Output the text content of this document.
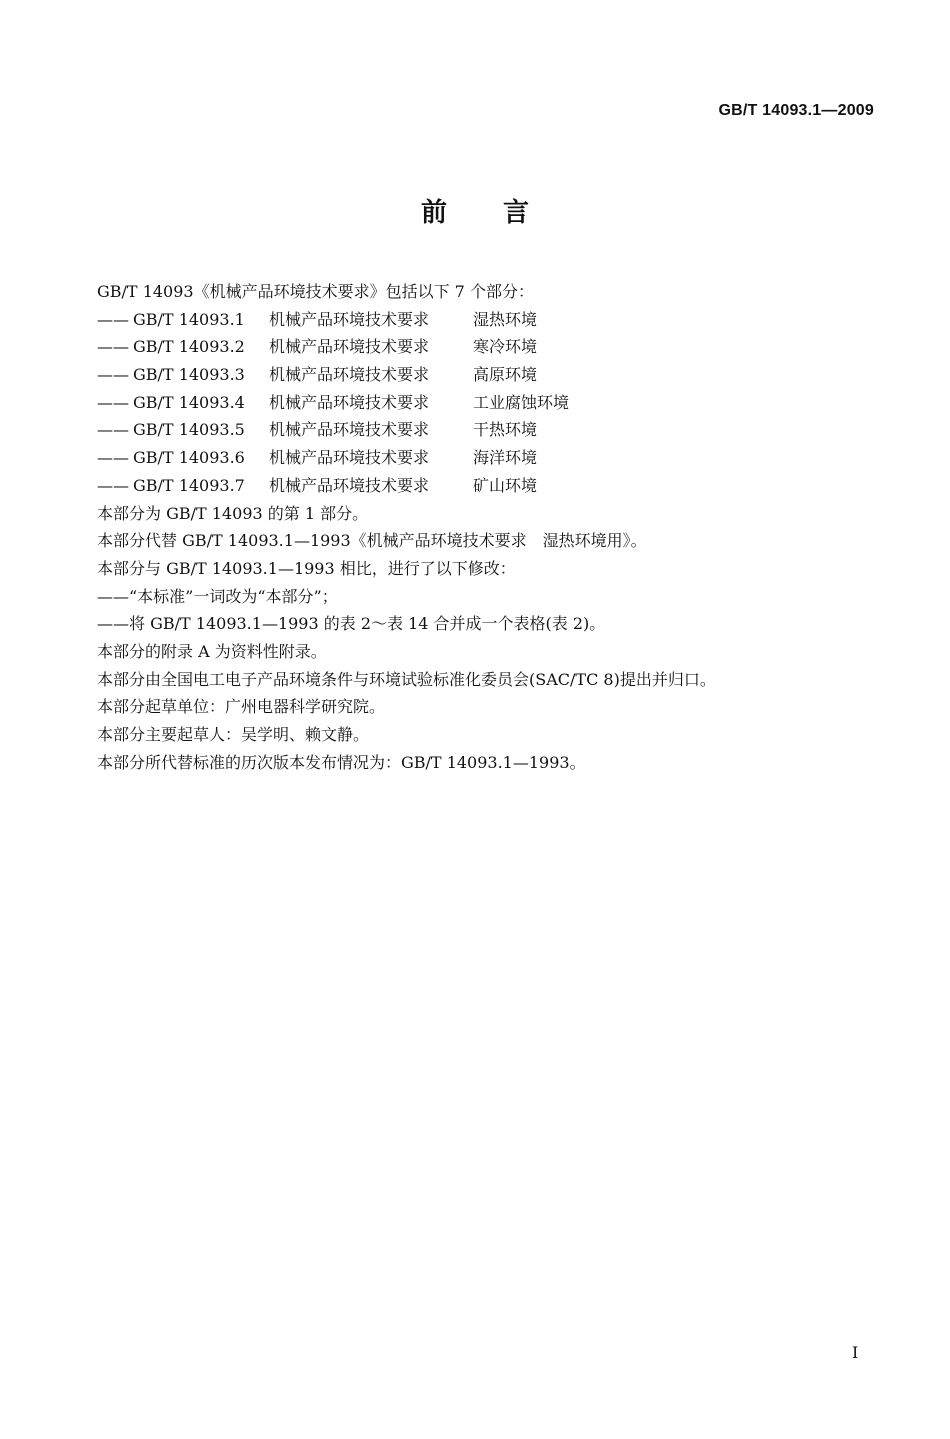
GB/T 14093.1—2009
前 言
GB/T 14093《机械产品环境技术要求》包括以下 7 个部分：
—— GB/T 14093.1 机械产品环境技术要求	湿热环境
—— GB/T 14093.2 机械产品环境技术要求	寒冷环境
—— GB/T 14093.3 机械产品环境技术要求	高原环境
—— GB/T 14093.4 机械产品环境技术要求	工业腐蚀环境
—— GB/T 14093.5 机械产品环境技术要求	干热环境
—— GB/T 14093.6 机械产品环境技术要求	海洋环境
—— GB/T 14093.7 机械产品环境技术要求	矿山环境
本部分为 GB/T 14093 的第 1 部分。
本部分代替 GB/T 14093.1—1993《机械产品环境技术要求　湿热环境用》。
本部分与 GB/T 14093.1—1993 相比，进行了以下修改：
——“本标准”一词改为“本部分”；
——将 GB/T 14093.1—1993 的表 2～表 14 合并成一个表格(表 2)。
本部分的附录 A 为资料性附录。
本部分由全国电工电子产品环境条件与环境试验标准化委员会(SAC/TC 8)提出并归口。
本部分起草单位：广州电器科学研究院。
本部分主要起草人：吴学明、赖文静。
本部分所代替标准的历次版本发布情况为：GB/T 14093.1—1993。
I
